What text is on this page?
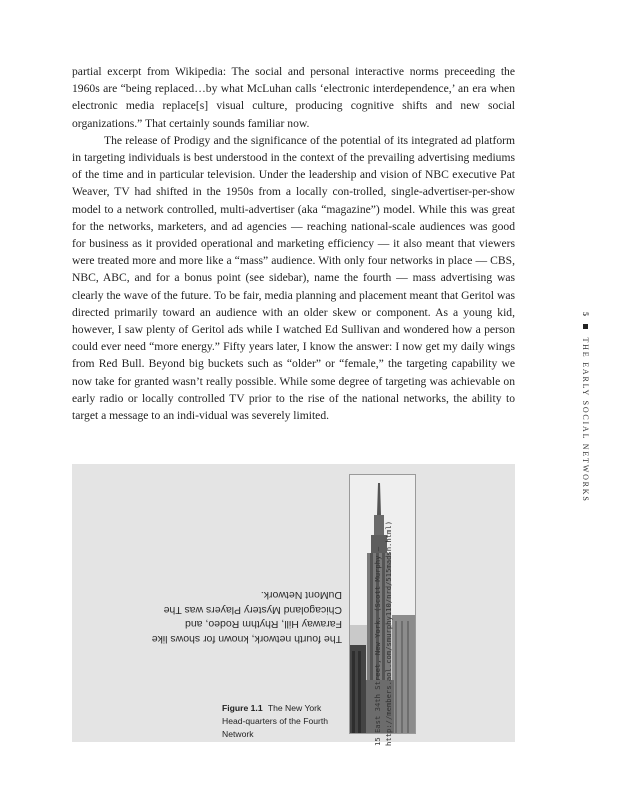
partial excerpt from Wikipedia: The social and personal interactive norms preceeding the 1960s are “being replaced…by what McLuhan calls ‘electronic interdependence,’ an era when electronic media replace[s] visual culture, producing cognitive shifts and new social organizations.” That certainly sounds familiar now.

The release of Prodigy and the significance of the potential of its integrated ad platform in targeting individuals is best understood in the context of the prevailing advertising mediums of the time and in particular television. Under the leadership and vision of NBC executive Pat Weaver, TV had shifted in the 1950s from a locally con-trolled, single-advertiser-per-show model to a network controlled, multi-advertiser (aka “magazine”) model. While this was great for the networks, marketers, and ad agencies — reaching national-scale audiences was good for business as it provided operational and marketing efficiency — it also meant that viewers were treated more and more like a “mass” audience. With only four networks in place — CBS, NBC, ABC, and for a bonus point (see sidebar), name the fourth — mass advertising was clearly the wave of the future. To be fair, media planning and placement meant that Geritol was directed primarily toward an audience with an older skew or component. As a young kid, however, I saw plenty of Geritol ads while I watched Ed Sullivan and wondered how a person could ever need “more energy.” Fifty years later, I know the answer: I now get my daily wings from Red Bull. Beyond big buckets such as “older” or “female,” the targeting capability we now take for granted wasn’t really possible. While some degree of targeting was achievable on early radio or locally controlled TV prior to the rise of the national networks, the ability to target a message to an indi-vidual was severely limited.

5  THE EARLY SOCIAL NETWORKS
The fourth network, known for shows like Faraway Hill, Rhythm Rodeo, and Chicagoland Mystery Players was The DuMont Network.
Figure 1.1 The New York Head-quarters of the Fourth Network	15 East 34th Street, New York. (Scott Murphy — http://members.aol.com/smurphy110/nrd/515madsn.html)
